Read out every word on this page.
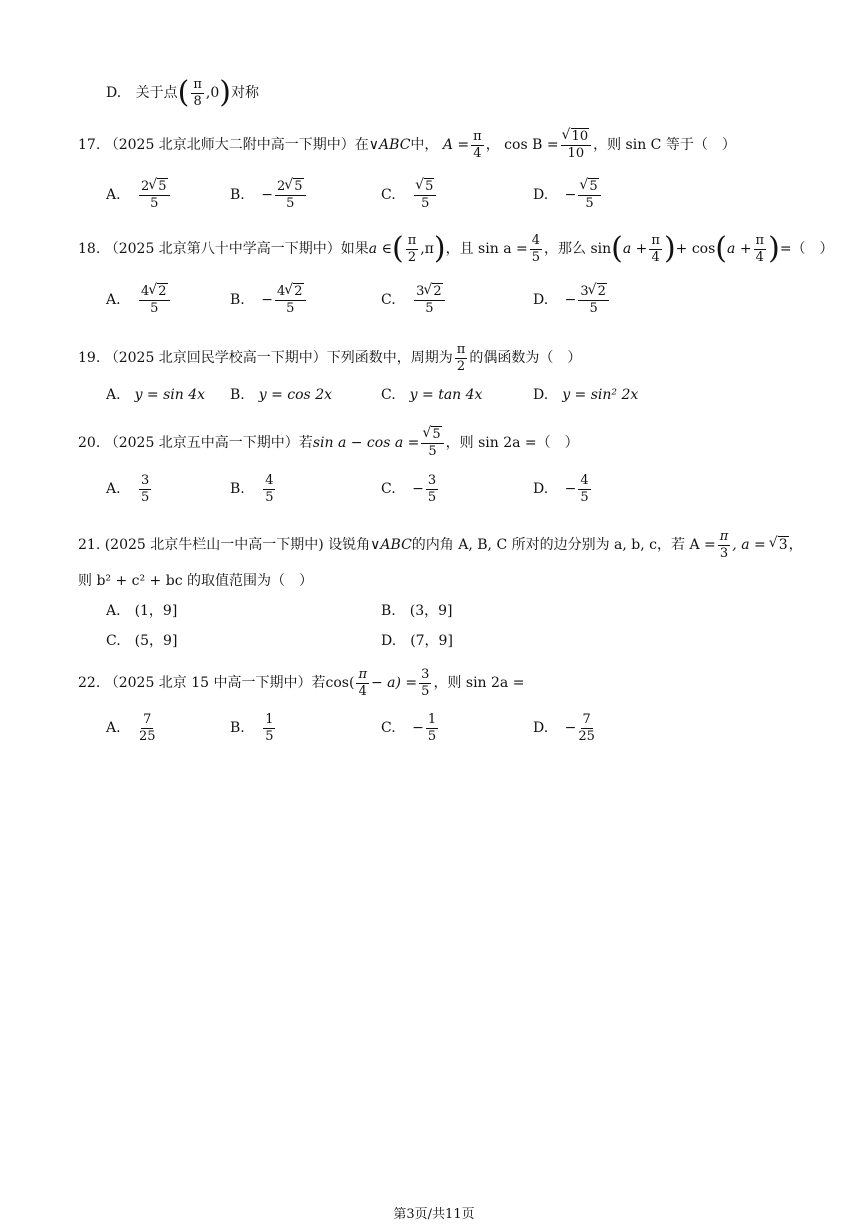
D. 关于点( $\frac{\pi}{8} ,0$)对称
17. （2025 北京北师大二附中高一下期中）在∨ABC中， $A = \frac{\pi}{4}$ ， cos B = √ $\frac{10}{10}$ ，则 sin C 等于（　）
A. $\frac{2 √ 5}{5}$	B. − $\frac{2 √ 5}{5}$	C. √ $\frac{5}{5}$	D. − √ $\frac{5}{5}$
18. （2025 北京第八十中学高一下期中）如果a ∈( $\frac{\pi}{2} ,\pi$)，且 $\sin a = \frac{4}{5}$ ，那么 $\sin(a + \frac{\pi}{4}$ )+ $\cos(a + \frac{\pi}{4}$ )=（　）
A. $\frac{4 √ 2}{5}$	B. − $\frac{4 √ 2}{5}$	C. $\frac{3 √ 2}{5}$	D. − $\frac{3 √ 2}{5}$
19. （2025 北京回民学校高一下期中）下列函数中，周期为 $\frac{\pi}{2}$ 的偶函数为（　）
A. y = sin 4x B. y = cos 2x	C. y = tan 4x	D. y = sin² 2x
20. （2025 北京五中高一下期中）若sin a − cos a = √ $\frac{5}{5}$ ，则 sin 2a =（　）
A. $\frac{3}{5}$	B. $\frac{4}{5}$	C. − $\frac{3}{5}$	D. − $\frac{4}{5}$
21. (2025 北京牛栏山一中高一下期中) 设锐角∨ABC的内角 A, B, C 所对的边分别为 a, b, c，若 $A = \frac{\pi}{3}$ , a = √ 3，
则 b² + c² + bc 的取值范围为（　）
A. (1，9]	B. (3，9]
C. (5，9]	D. (7，9]
22. （2025 北京 15 中高一下期中）若$\cos( \frac{\pi}{4} - a) = \frac{3}{5}$ ，则 sin 2a =
A. $\frac{7}{25}$	B. $\frac{1}{5}$	C. − $\frac{1}{5}$	D. − $\frac{7}{25}$
第3页/共11页
